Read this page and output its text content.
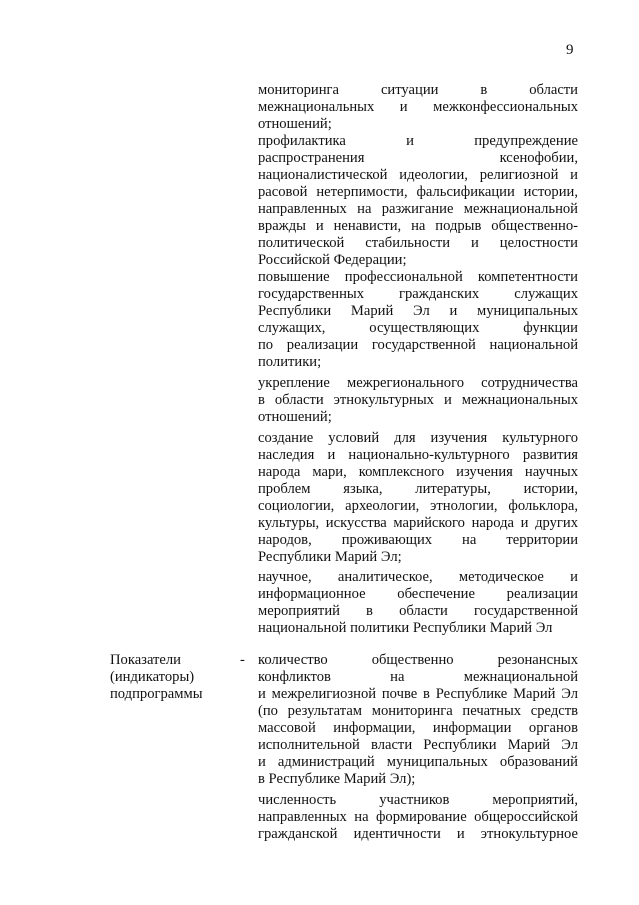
9
мониторинга ситуации в области
межнациональных и межконфессиональных
отношений;
профилактика и предупреждение
распространения ксенофобии,
националистической идеологии, религиозной и
расовой нетерпимости, фальсификации истории,
направленных на разжигание межнациональной
вражды и ненависти, на подрыв общественно-
политической стабильности и целостности
Российской Федерации;
повышение профессиональной компетентности
государственных гражданских служащих
Республики Марий Эл и муниципальных
служащих, осуществляющих функции
по реализации государственной национальной
политики;
укрепление межрегионального сотрудничества
в области этнокультурных и межнациональных
отношений;
создание условий для изучения культурного
наследия и национально-культурного развития
народа мари, комплексного изучения научных
проблем языка, литературы, истории,
социологии, археологии, этнологии, фольклора,
культуры, искусства марийского народа и других
народов, проживающих на территории
Республики Марий Эл;
научное, аналитическое, методическое и
информационное обеспечение реализации
мероприятий в области государственной
национальной политики Республики Марий Эл
Показатели
(индикаторы)
подпрограммы
- количество общественно резонансных
конфликтов на межнациональной
и межрелигиозной почве в Республике Марий Эл
(по результатам мониторинга печатных средств
массовой информации, информации органов
исполнительной власти Республики Марий Эл
и администраций муниципальных образований
в Республике Марий Эл);
численность участников мероприятий,
направленных на формирование общероссийской
гражданской идентичности и этнокультурное
